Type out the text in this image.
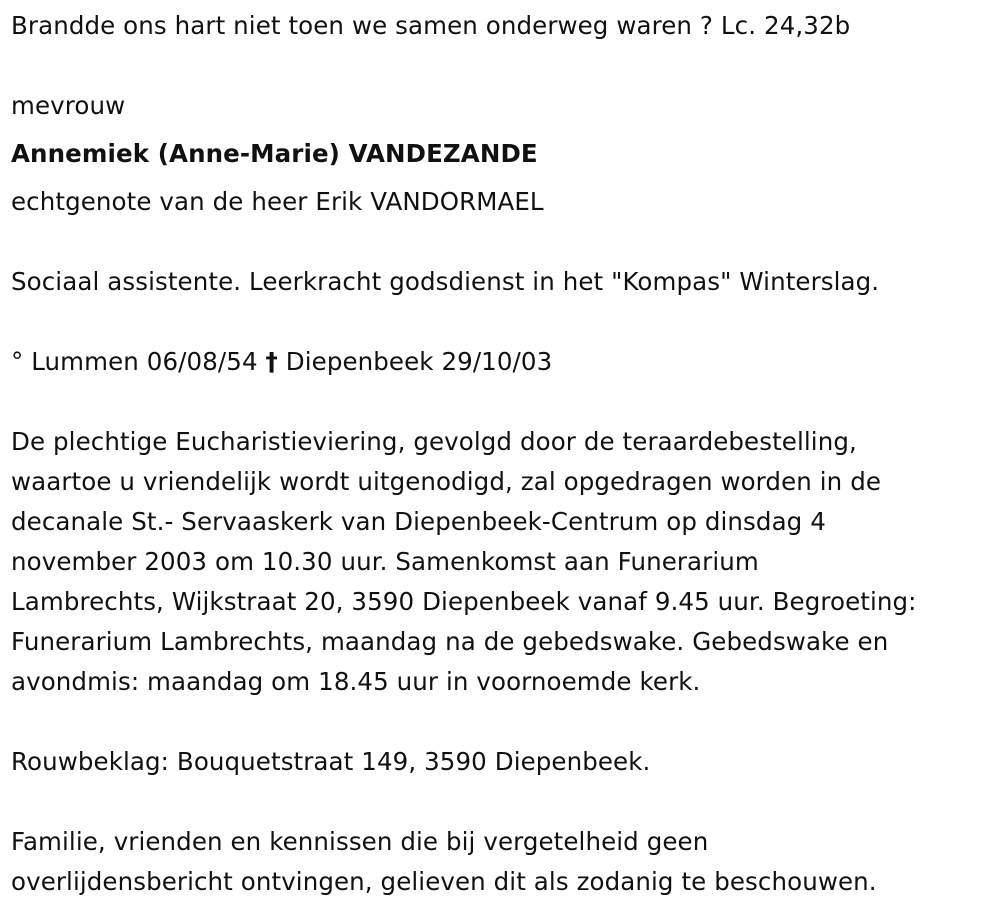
Brandde ons hart niet toen we samen onderweg waren ? Lc. 24,32b
mevrouw
Annemiek (Anne-Marie) VANDEZANDE
echtgenote van de heer Erik VANDORMAEL
Sociaal assistente. Leerkracht godsdienst in het "Kompas" Winterslag.
° Lummen 06/08/54 † Diepenbeek 29/10/03
De plechtige Eucharistieviering, gevolgd door de teraardebestelling,
waartoe u vriendelijk wordt uitgenodigd, zal opgedragen worden in de
decanale St.- Servaaskerk van Diepenbeek-Centrum op dinsdag 4
november 2003 om 10.30 uur. Samenkomst aan Funerarium
Lambrechts, Wijkstraat 20, 3590 Diepenbeek vanaf 9.45 uur. Begroeting:
Funerarium Lambrechts, maandag na de gebedswake. Gebedswake en
avondmis: maandag om 18.45 uur in voornoemde kerk.
Rouwbeklag: Bouquetstraat 149, 3590 Diepenbeek.
Familie, vrienden en kennissen die bij vergetelheid geen
overlijdensbericht ontvingen, gelieven dit als zodanig te beschouwen.
